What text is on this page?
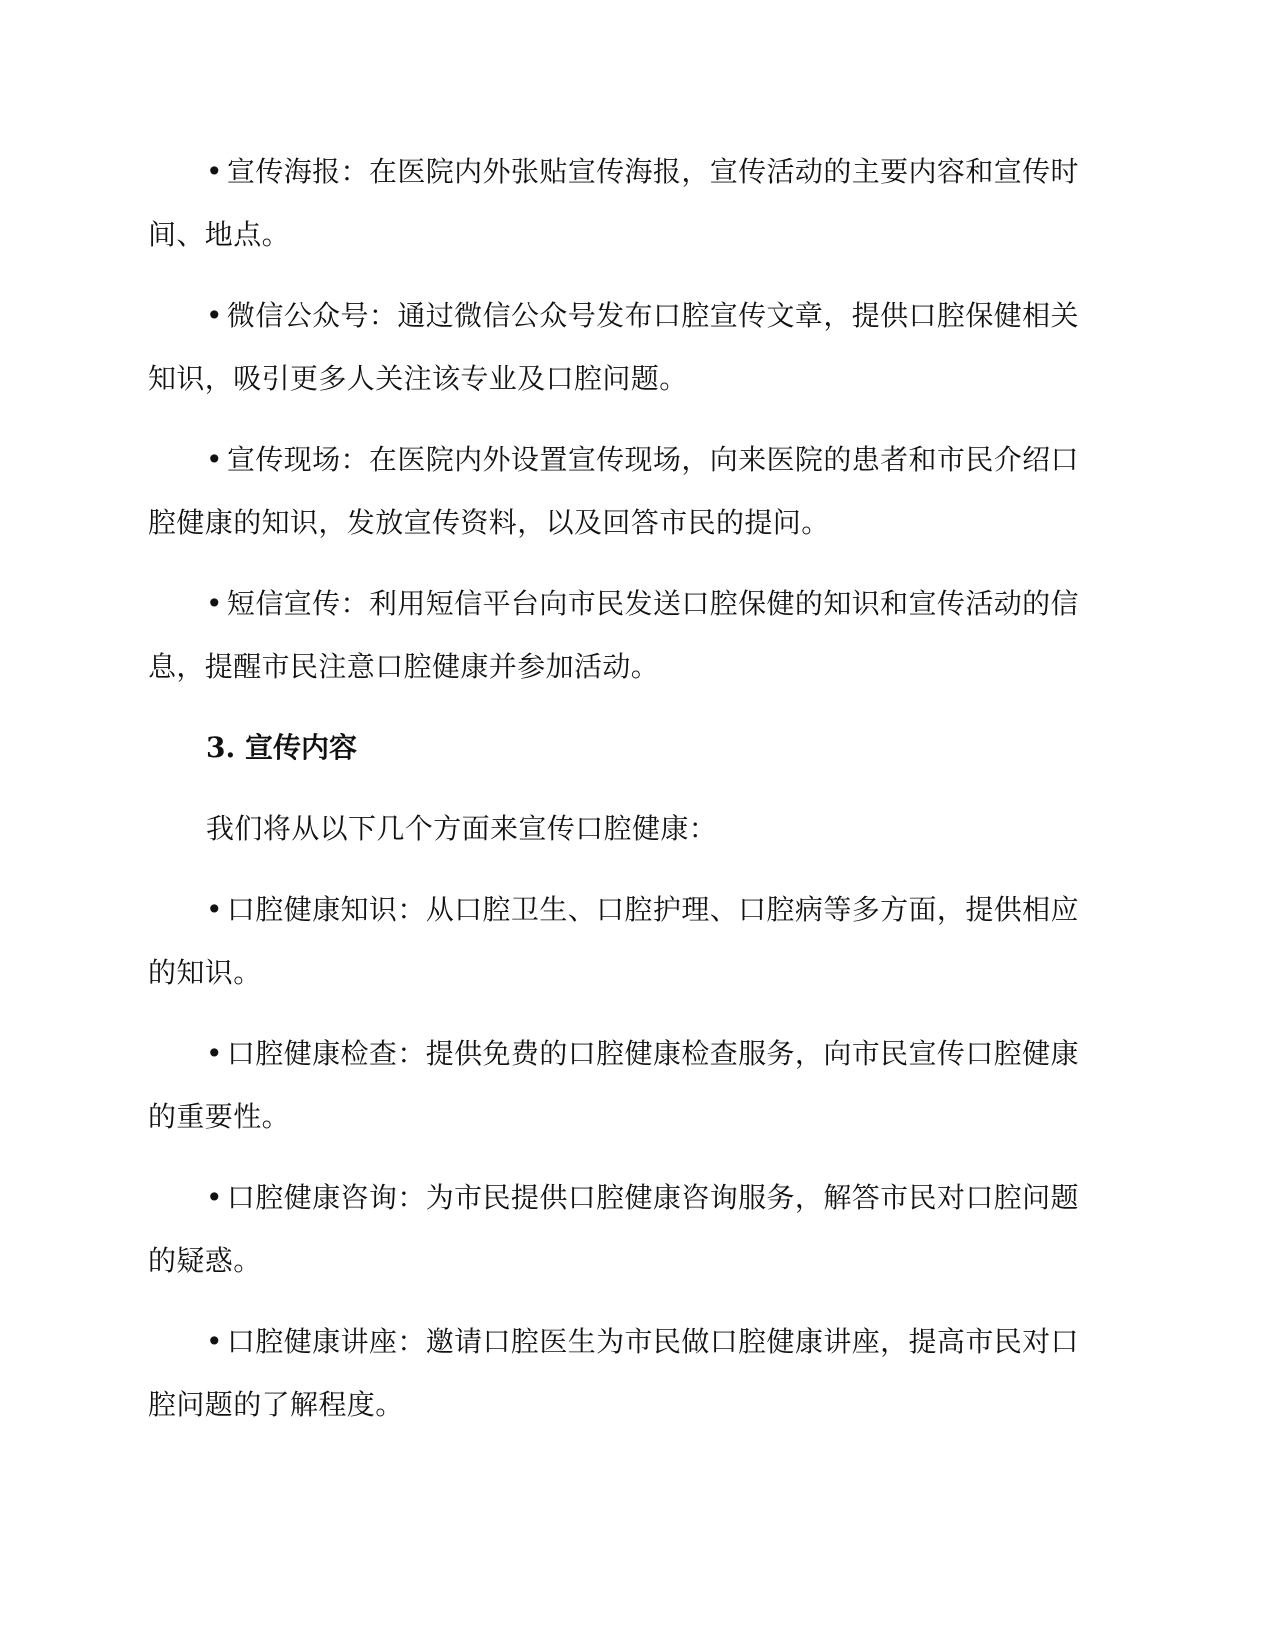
• 宣传海报：在医院内外张贴宣传海报，宣传活动的主要内容和宣传时间、地点。

• 微信公众号：通过微信公众号发布口腔宣传文章，提供口腔保健相关知识，吸引更多人关注该专业及口腔问题。

• 宣传现场：在医院内外设置宣传现场，向来医院的患者和市民介绍口腔健康的知识，发放宣传资料，以及回答市民的提问。

• 短信宣传：利用短信平台向市民发送口腔保健的知识和宣传活动的信息，提醒市民注意口腔健康并参加活动。

3. 宣传内容

我们将从以下几个方面来宣传口腔健康：

• 口腔健康知识：从口腔卫生、口腔护理、口腔病等多方面，提供相应的知识。

• 口腔健康检查：提供免费的口腔健康检查服务，向市民宣传口腔健康的重要性。

• 口腔健康咨询：为市民提供口腔健康咨询服务，解答市民对口腔问题的疑惑。

• 口腔健康讲座：邀请口腔医生为市民做口腔健康讲座，提高市民对口腔问题的了解程度。
